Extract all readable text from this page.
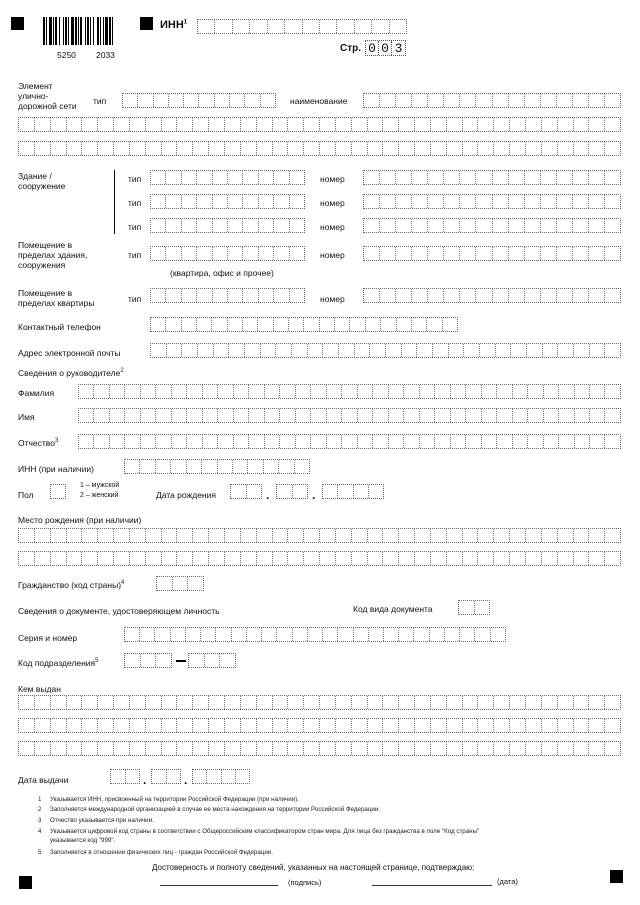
5250 2033
ИНН$^1$
Стр. 0 0 3
Элемент
улично-
дорожной сети тип	наименование
Здание /
сооружение
тип	номер
тип	номер
тип	номер
Помещение в
пределах здания,
сооружения
тип	номер
(квартира, офис и прочее)
Помещение в
пределах квартиры	тип	номер
Контактный телефон
Адрес электронной почты
Сведения о руководителе$^2$
Фамилия
Имя
Отчество$^3$
ИНН (при наличии)
Пол
1 – мужской
2 – женский	Дата рождения	.	.
Место рождения (при наличии)
Гражданство (код страны)$^4$
Сведения о документе, удостоверяющем личность	Код вида документа
Серия и номер
Код подразделения$^5$
Кем выдан
Дата выдачи	.	.
1 Указывается ИНН, присвоенный на территории Российской Федерации (при наличии).
2 Заполняется международной организацией в случае ее места нахождения на территории Российской Федерации.
3 Отчество указывается при наличии.
4 Указывается цифровой код страны в соответствии с Общероссийским классификатором стран мира. Для лица без гражданства в поле "Код страны"
указывается код "999".
5 Заполняется в отношении физических лиц - граждан Российской Федерации.
Достоверность и полноту сведений, указанных на настоящей странице, подтверждаю:
(подпись)	(дата)
